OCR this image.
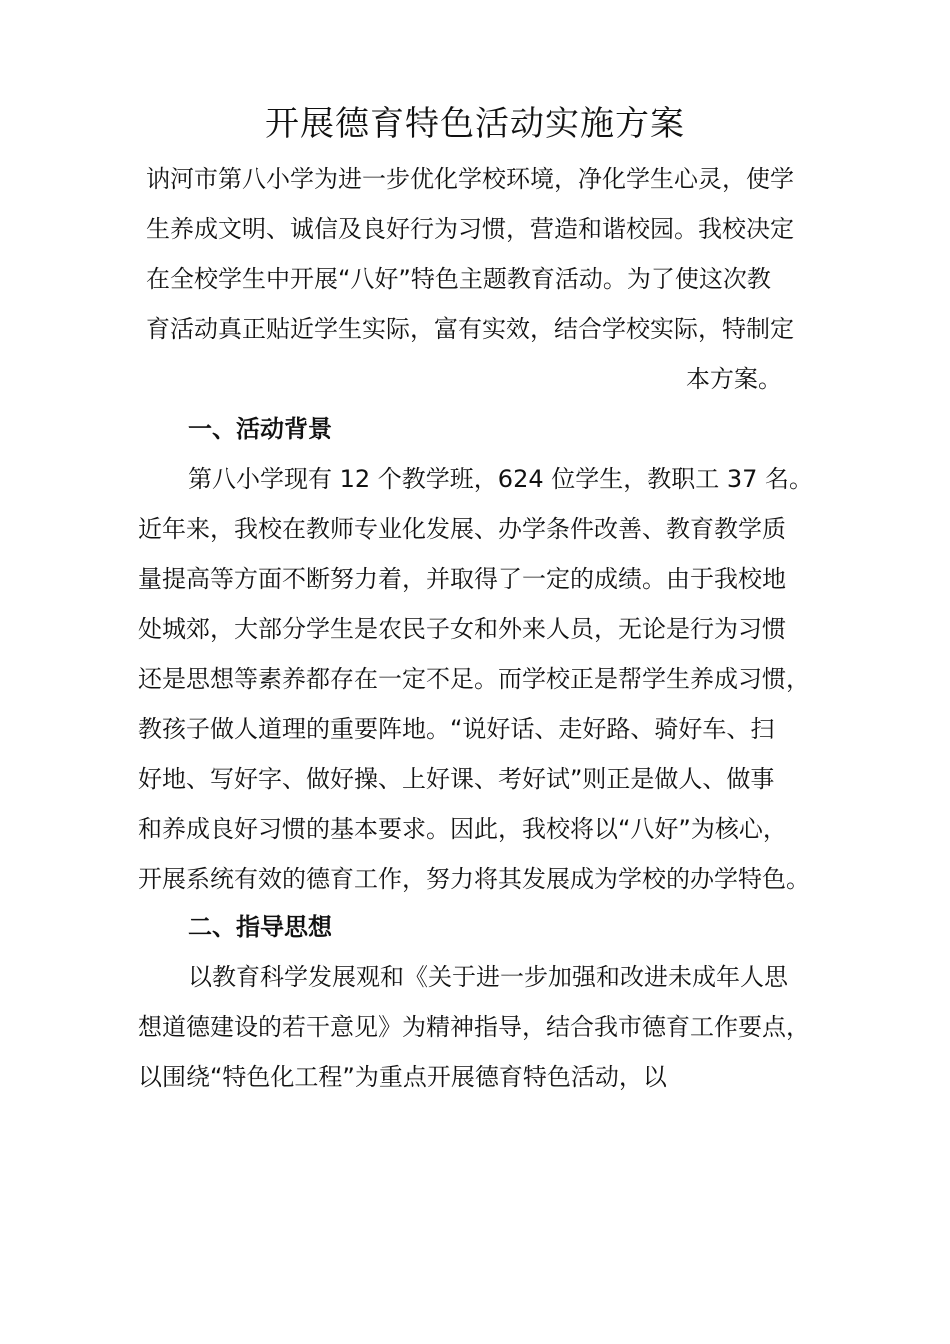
开展德育特色活动实施方案
讷河市第八小学为进一步优化学校环境，净化学生心灵，使学
生养成文明、诚信及良好行为习惯，营造和谐校园。我校决定
在全校学生中开展“八好”特色主题教育活动。为了使这次教
育活动真正贴近学生实际，富有实效，结合学校实际，特制定
本方案。
一、活动背景
第八小学现有 12 个教学班，624 位学生，教职工 37 名。
近年来，我校在教师专业化发展、办学条件改善、教育教学质
量提高等方面不断努力着，并取得了一定的成绩。由于我校地
处城郊，大部分学生是农民子女和外来人员，无论是行为习惯
还是思想等素养都存在一定不足。而学校正是帮学生养成习惯，
教孩子做人道理的重要阵地。“说好话、走好路、骑好车、扫
好地、写好字、做好操、上好课、考好试”则正是做人、做事
和养成良好习惯的基本要求。因此，我校将以“八好”为核心，
开展系统有效的德育工作，努力将其发展成为学校的办学特色。
二、指导思想
以教育科学发展观和《关于进一步加强和改进未成年人思
想道德建设的若干意见》为精神指导，结合我市德育工作要点，
以围绕“特色化工程”为重点开展德育特色活动，以
